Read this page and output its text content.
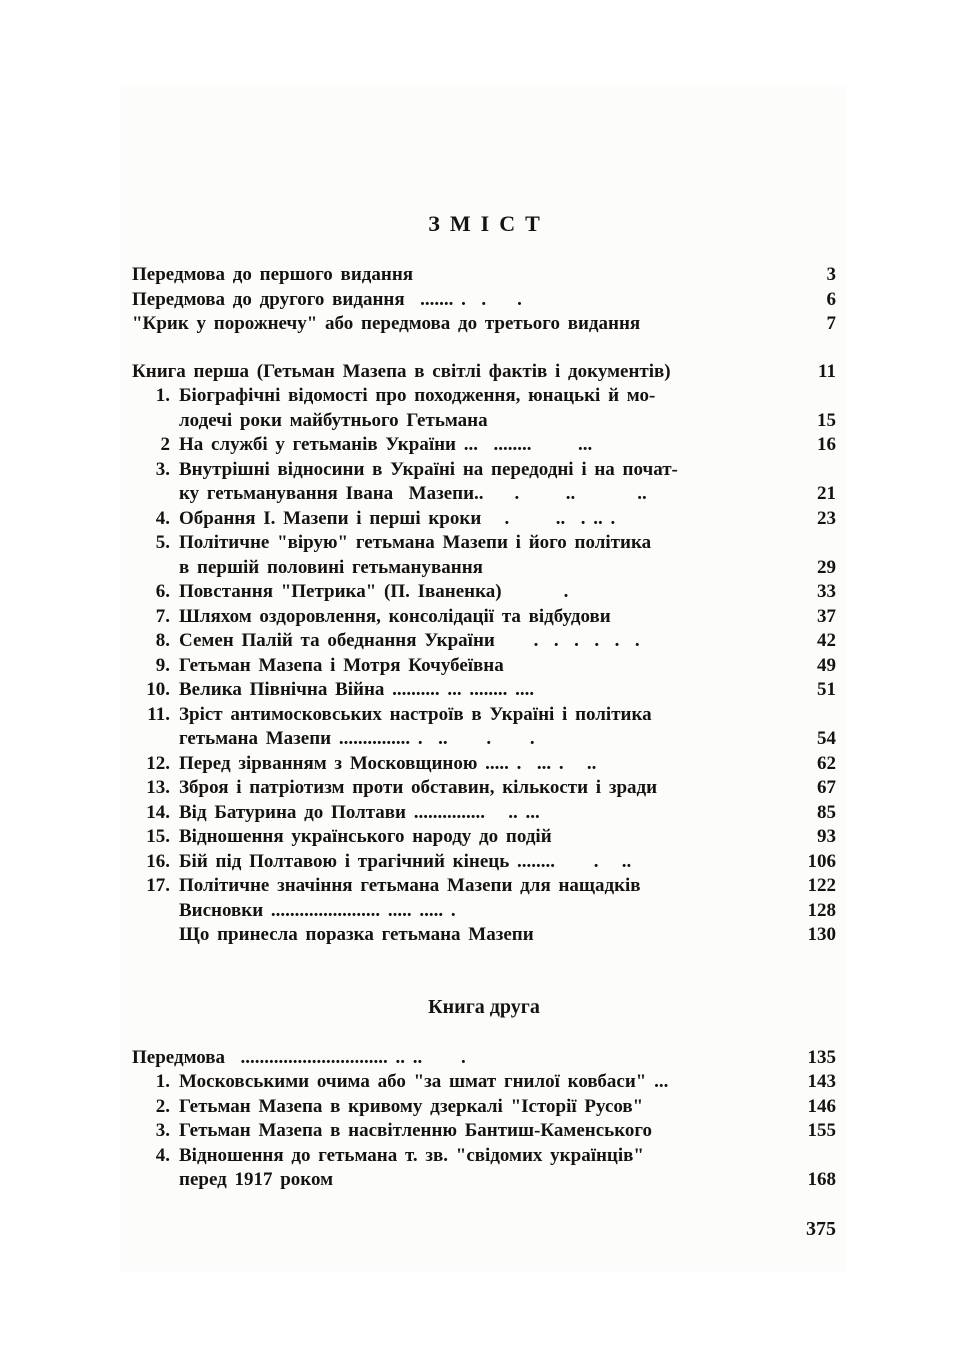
ЗМІСТ
Передмова до першого видання	3
Передмова до другого видання  ....... .  .    .	6
"Крик у порожнечу" або передмова до третього видання	7
Книга перша (Гетьман Мазепа в світлі фактів і документів)	11
1. Біографічні відомості про походження, юнацькі й мо-
лодечі роки майбутнього Гетьмана	15
2 На службі у гетьманів України ...  ........      ...	16
3. Внутрішні відносини в Україні на передодні і на почат-
ку гетьманування Івана  Мазепи..    .      ..        ..	21
4. Обрання І. Мазепи і перші кроки   .      ..  . .. .	23
5. Політичне "вірую" гетьмана Мазепи і його політика
в першій половині гетьманування	29
6. Повстання "Петрика" (П. Іваненка)        .	33
7. Шляхом оздоровлення, консолідації та відбудови	37
8. Семен Палій та обеднання України     .  .  .  .  .  .	42
9. Гетьман Мазепа і Мотря Кочубеївна	49
10. Велика Північна Війна .......... ... ........ ....	51
11. Зріст антимосковських настроїв в Україні і політика
гетьмана Мазепи ............... .  ..     .     .	54
12. Перед зірванням з Московщиною ..... .  ... .   ..	62
13. Зброя і патріотизм проти обставин, кількости і зради	67
14. Від Батурина до Полтави ...............   .. ...	85
15. Відношення українського народу до подій	93
16. Бій під Полтавою і трагічний кінець ........     .   ..	106
17. Політичне значіння гетьмана Мазепи для нащадків	122
Висновки ....................... ..... ..... .	128
Що принесла поразка гетьмана Мазепи	130
Книга друга
Передмова  ............................... .. ..     .	135
1. Московськими очима або "за шмат гнилої ковбаси" ...	143
2. Гетьман Мазепа в кривому дзеркалі "Історії Русов"	146
3. Гетьман Мазепа в насвітленню Бантиш-Каменського	155
4. Відношення до гетьмана т. зв. "свідомих українців"
перед 1917 роком	168
375
